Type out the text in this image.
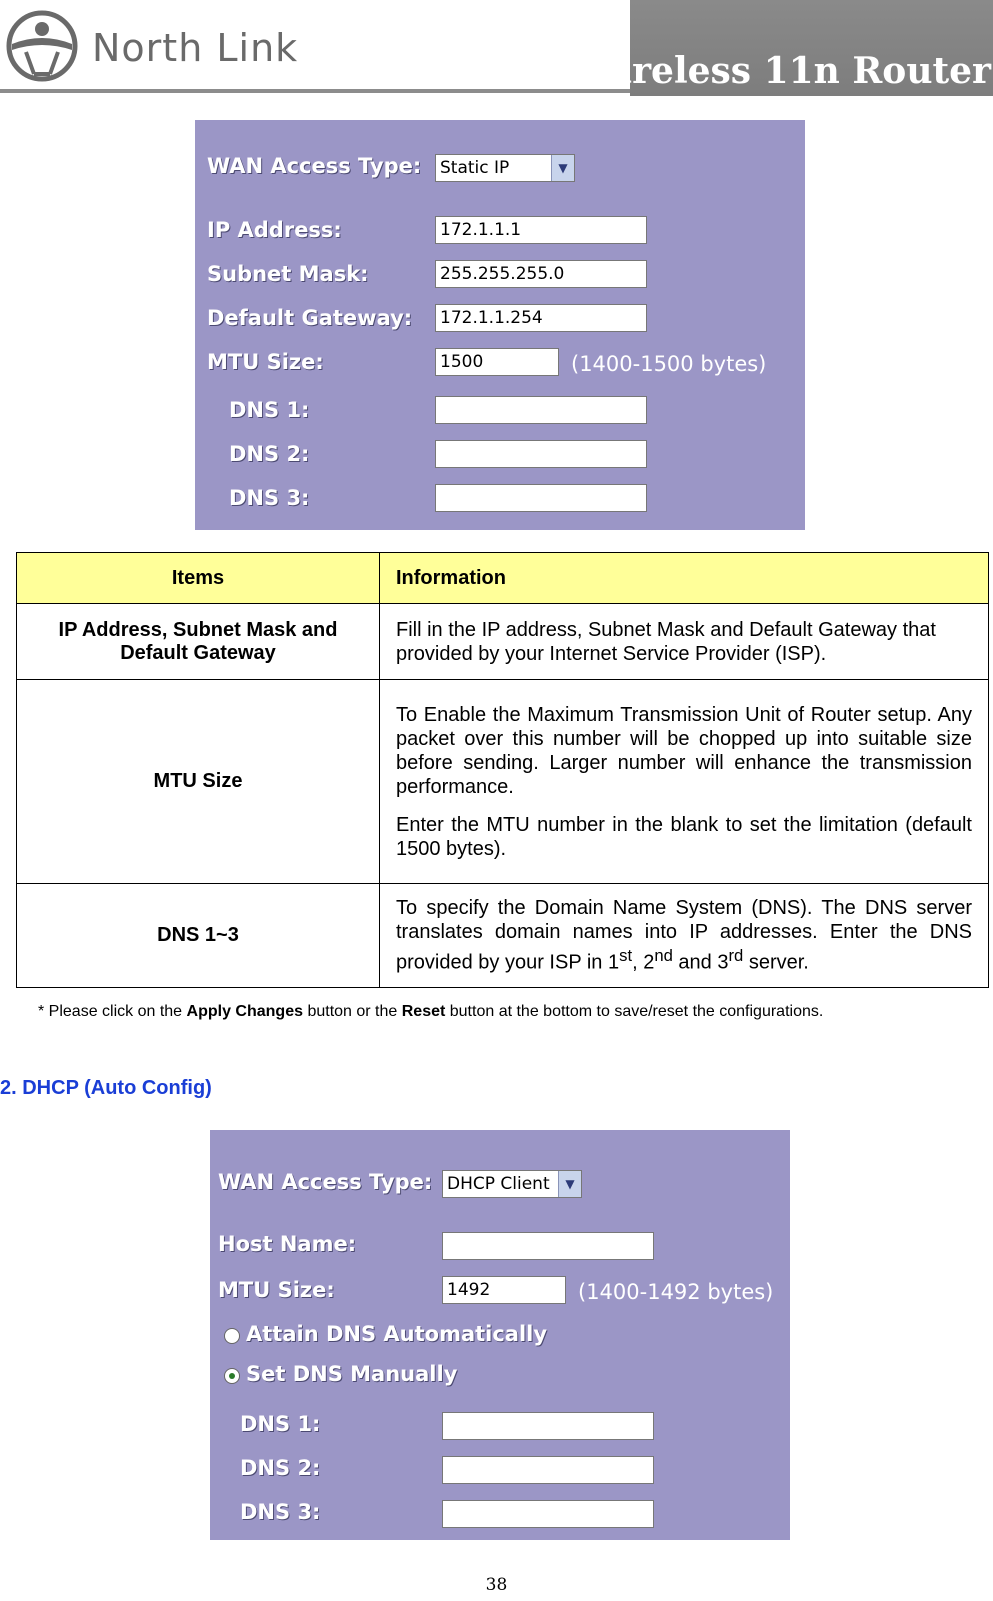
North Link
Wireless 11n Router
WAN Access Type: Static IP	▼
IP Address:	172.1.1.1
Subnet Mask:	255.255.255.0
Default Gateway: 172.1.1.254
MTU Size:	1500	(1400-1500 bytes)
DNS 1:
DNS 2:
DNS 3:
Items	Information
IP Address, Subnet Mask and Default Gateway	Fill in the IP address, Subnet Mask and Default Gateway that provided by your Internet Service Provider (ISP).
MTU Size	To Enable the Maximum Transmission Unit of Router setup. Any packet over this number will be chopped up into suitable size before sending. Larger number will enhance the transmission performance.

Enter the MTU number in the blank to set the limitation (default 1500 bytes).

DNS 1~3	To specify the Domain Name System (DNS). The DNS server translates domain names into IP addresses. Enter the DNS provided by your ISP in 1st, 2nd and 3rd server.
* Please click on the Apply Changes button or the Reset button at the bottom to save/reset the configurations.
2. DHCP (Auto Config)
WAN Access Type: DHCP Client	▼
Host Name:
MTU Size:	1492	(1400-1492 bytes)
Attain DNS Automatically
Set DNS Manually
DNS 1:
DNS 2:
DNS 3:
38
